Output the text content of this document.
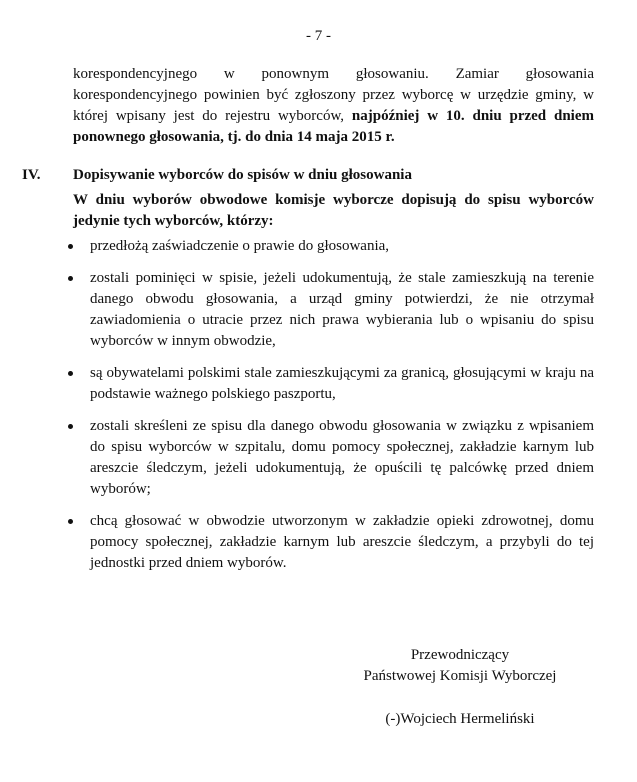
- 7 -
korespondencyjnego w ponownym głosowaniu. Zamiar głosowania korespondencyjnego powinien być zgłoszony przez wyborcę w urzędzie gminy, w której wpisany jest do rejestru wyborców, najpóźniej w 10. dniu przed dniem ponownego głosowania, tj. do dnia 14 maja 2015 r.
IV. Dopisywanie wyborców do spisów w dniu głosowania
W dniu wyborów obwodowe komisje wyborcze dopisują do spisu wyborców jedynie tych wyborców, którzy:
przedłożą zaświadczenie o prawie do głosowania,
zostali pominięci w spisie, jeżeli udokumentują, że stale zamieszkują na terenie danego obwodu głosowania, a urząd gminy potwierdzi, że nie otrzymał zawiadomienia o utracie przez nich prawa wybierania lub o wpisaniu do spisu wyborców w innym obwodzie,
są obywatelami polskimi stale zamieszkującymi za granicą, głosującymi w kraju na podstawie ważnego polskiego paszportu,
zostali skreśleni ze spisu dla danego obwodu głosowania w związku z wpisaniem do spisu wyborców w szpitalu, domu pomocy społecznej, zakładzie karnym lub areszcie śledczym, jeżeli udokumentują, że opuścili tę palcówkę przed dniem wyborów;
chcą głosować w obwodzie utworzonym w zakładzie opieki zdrowotnej, domu pomocy społecznej, zakładzie karnym lub areszcie śledczym, a przybyli do tej jednostki przed dniem wyborów.
Przewodniczący
Państwowej Komisji Wyborczej
(-)Wojciech Hermeliński
